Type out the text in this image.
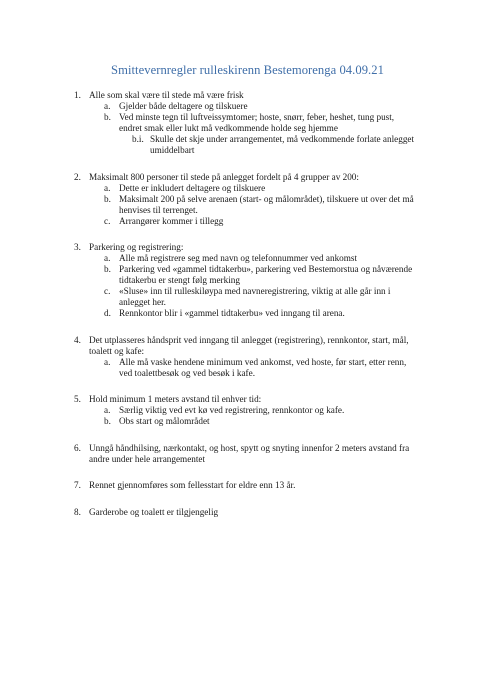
Smittevernregler rulleskirenn Bestemorenga 04.09.21
1. Alle som skal være til stede må være frisk
a. Gjelder både deltagere og tilskuere
b. Ved minste tegn til luftveissymtomer; hoste, snørr, feber, heshet, tung pust,
endret smak eller lukt må vedkommende holde seg hjemme
b.i. Skulle det skje under arrangementet, må vedkommende forlate anlegget
umiddelbart
2. Maksimalt 800 personer til stede på anlegget fordelt på 4 grupper av 200:
a. Dette er inkludert deltagere og tilskuere
b. Maksimalt 200 på selve arenaen (start- og målområdet), tilskuere ut over det må
henvises til terrenget.
c. Arrangører kommer i tillegg
3. Parkering og registrering:
a. Alle må registrere seg med navn og telefonnummer ved ankomst
b. Parkering ved «gammel tidtakerbu», parkering ved Bestemorstua og nåværende
tidtakerbu er stengt følg merking
c. «Sluse» inn til rulleskiløypa med navneregistrering, viktig at alle går inn i
anlegget her.
d. Rennkontor blir i «gammel tidtakerbu» ved inngang til arena.
4. Det utplasseres håndsprit ved inngang til anlegget (registrering), rennkontor, start, mål,
toalett og kafe:
a. Alle må vaske hendene minimum ved ankomst, ved hoste, før start, etter renn,
ved toalettbesøk og ved besøk i kafe.
5. Hold minimum 1 meters avstand til enhver tid:
a. Særlig viktig ved evt kø ved registrering, rennkontor og kafe.
b. Obs start og målområdet
6. Unngå håndhilsing, nærkontakt, og host, spytt og snyting innenfor 2 meters avstand fra
andre under hele arrangementet
7. Rennet gjennomføres som fellesstart for eldre enn 13 år.
8. Garderobe og toalett er tilgjengelig
